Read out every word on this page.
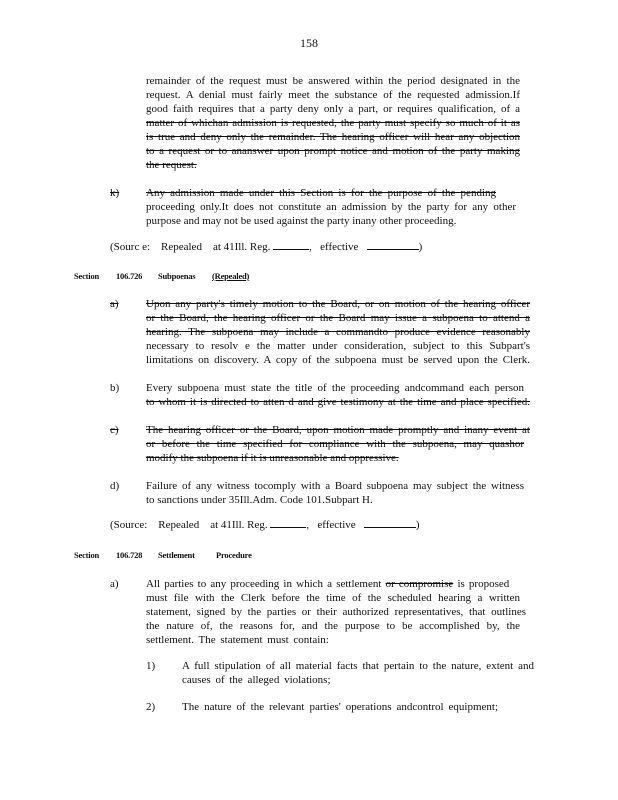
158
remainder of the request must be answered within the period designated in the
request. A denial must fairly meet the substance of the requested admission.If
good faith requires that a party deny only a part, or requires qualification, of a
matter of whichan admission is requested, the party must specify so much of it as
is true and deny only the remainder. The hearing officer will hear any objection
to a request or to ananswer upon prompt notice and motion of the party making
the request.
k) Any admission made under this Section is for the purpose of the pending
proceeding only.It does not constitute an admission by the party for any other
purpose and may not be used against the party inany other proceeding.
(Sourc e: Repealed at 41Ill. Reg.	,   effective	)
Section 106.726 Subpoenas (Repealed)
a) Upon any party's timely motion to the Board, or on motion of the hearing officer
or the Board, the hearing officer or the Board may issue a subpoena to attend a
hearing. The subpoena may include a commandto produce evidence reasonably
necessary to resolv e the matter under consideration, subject to this Subpart's
limitations on discovery. A copy of the subpoena must be served upon the Clerk.
b) Every subpoena must state the title of the proceeding andcommand each person
to whom it is directed to atten d and give testimony at the time and place specified.
c) The hearing officer or the Board, upon motion made promptly and inany event at
or before the time specified for compliance with the subpoena, may quashor
modify the subpoena if it is unreasonable and oppressive.
d) Failure of any witness tocomply with a Board subpoena may subject the witness
to sanctions under 35Ill.Adm. Code 101.Subpart H.
(Source: Repealed at 41Ill. Reg.	,   effective	)
Section 106.728 Settlement	Procedure
a) All parties to any proceeding in which a settlement or compromise is proposed
must file with the Clerk before the time of the scheduled hearing a written
statement, signed by the parties or their authorized representatives, that outlines
the nature of, the reasons for, and the purpose to be accomplished by, the
settlement. The statement must contain:
1) A full stipulation of all material facts that pertain to the nature, extent and
causes of the alleged violations;
2) The nature of the relevant parties' operations andcontrol equipment;
